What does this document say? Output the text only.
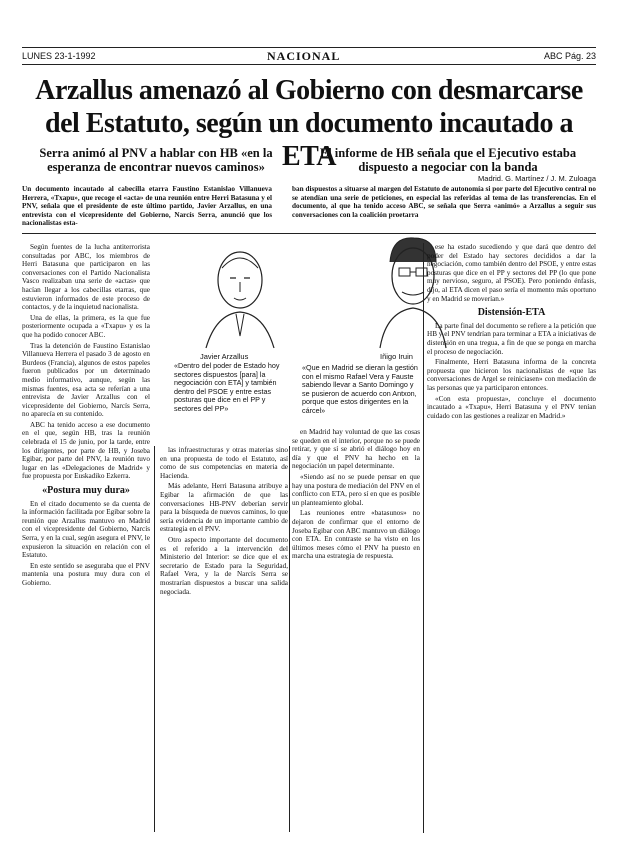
LUNES 23-1-1992	NACIONAL	ABC Pág. 23
Arzallus amenazó al Gobierno con desmarcarse del Estatuto, según un documento incautado a ETA
Serra animó al PNV a hablar con HB «en la esperanza de encontrar nuevos caminos»
El informe de HB señala que el Ejecutivo estaba dispuesto a negociar con la banda
Madrid. G. Martínez / J. M. Zuloaga
Un documento incautado al cabecilla etarra Faustino Estanislao Villanueva Herrera, «Txapu», que recoge el «acta» de una reunión entre Herri Batasuna y el PNV, señala que el presidente de este último partido, Javier Arzallus, en una entrevista con el vicepresidente del Gobierno, Narcís Serra, anunció que los nacionalistas esta-
ban dispuestos a situarse al margen del Estatuto de autonomía si por parte del Ejecutivo central no se atendían una serie de peticiones, en especial las referidas al tema de las transferencias. En el documento, al que ha tenido acceso ABC, se señala que Serra «animó» a Arzallus a seguir sus conversaciones con la coalición proetarra

Según fuentes de la lucha antiterrorista consultadas por ABC, los miembros de Herri Batasuna que participaron en las conversaciones con el Partido Nacionalista Vasco realizaban una serie de «actas» que hacían llegar a los cabecillas etarras, que estuvieron informados de este proceso de contactos, y de la inquietud nacionalista.

Una de ellas, la primera, es la que fue posteriormente ocupada a «Txapu» y es la que ha podido conocer ABC.

Tras la detención de Faustino Estanislao Villanueva Herrera el pasado 3 de agosto en Burdeos (Francia), algunos de estos papeles fueron publicados por un determinado medio informativo, aunque, según las mismas fuentes, esa acta se referían a una entrevista de Javier Arzallus con el vicepresidente del Gobierno, Narcís Serra, no aparecía en su contenido.

ABC ha tenido acceso a ese documento en el que, según HB, tras la reunión celebrada el 15 de junio, por la tarde, entre los dirigentes, por parte de HB, y Joseba Egibar, por parte del PNV, la reunión tuvo lugar en las «Delegaciones de Madrid» y fue propuesta por Euskadiko Ezkerra.

«Postura muy dura»

En el citado documento se da cuenta de la información facilitada por Egibar sobre la reunión que Arzallus mantuvo en Madrid con el vicepresidente del Gobierno, Narcís Serra, y en la cual, según asegura el PNV, le expusieron la situación en relación con el Estatuto.

En este sentido se aseguraba que el PNV mantenía una postura muy dura con el Gobierno.

Javier Arzallus	Iñigo Iruin
«Dentro del poder de Estado hoy sectores dispuestos [para] la negociación con ETA] y también dentro del PSOE y entre estas posturas que dice en el PP y sectores del PP»
«Que en Madrid se dieran la gestión con el mismo Rafael Vera y Fauste sabiendo llevar a Santo Domingo y se pusieron de acuerdo con Antxon, porque que estos dirigentes en la cárcel»

las infraestructuras y otras materias sino en una propuesta de todo el Estatuto, así como de sus competencias en materia de Hacienda.

Más adelante, Herri Batasuna atribuye a Egibar la afirmación de que las conversaciones HB-PNV deberían servir para la búsqueda de nuevos caminos, lo que sería evidencia de un importante cambio de estrategia en el PNV.

Otro aspecto importante del documento es el referido a la intervención del Ministerio del Interior: se dice que el ex secretario de Estado para la Seguridad, Rafael Vera, y la de Narcís Serra se mostrarían dispuestos a buscar una salida negociada.

en Madrid hay voluntad de que las cosas se queden en el interior, porque no se puede retirar, y que sí se abrió el diálogo hoy en día y que el PNV ha hecho en la negociación un papel determinante.

«Siendo así no se puede pensar en que hay una postura de mediación del PNV en el conflicto con ETA, pero sí en que es posible un planteamiento global.

Las reuniones entre «batasunos» no dejaron de confirmar que el entorno de Joseba Egibar con ABC mantuvo un diálogo con ETA. En contraste se ha visto en los últimos meses cómo el PNV ha puesto en marcha una estrategia de respuesta.

ese ha estado sucediendo y que dará que dentro del poder del Estado hay sectores decididos a dar la negociación, como también dentro del PSOE, y entre estas posturas que dice en el PP y sectores del PP (lo que pone muy nervioso, seguro, al PSOE). Pero poniendo énfasis, dijo, al ETA dicen el paso sería el momento más oportuno y en Madrid se moverían.»

Distensión-ETA

La parte final del documento se refiere a la petición que HB y el PNV tendrían para terminar a ETA a iniciativas de distensión en una tregua, a fin de que se ponga en marcha el proceso de negociación.

Finalmente, Herri Batasuna informa de la concreta propuesta que hicieron los nacionalistas de «que las conversaciones de Argel se reiniciasen» con mediación de las personas que ya participaron entonces.

«Con esta propuesta», concluye el documento incautado a «Txapu», Herri Batasuna y el PNV tenían cuidado con las gestiones a realizar en Madrid.»
